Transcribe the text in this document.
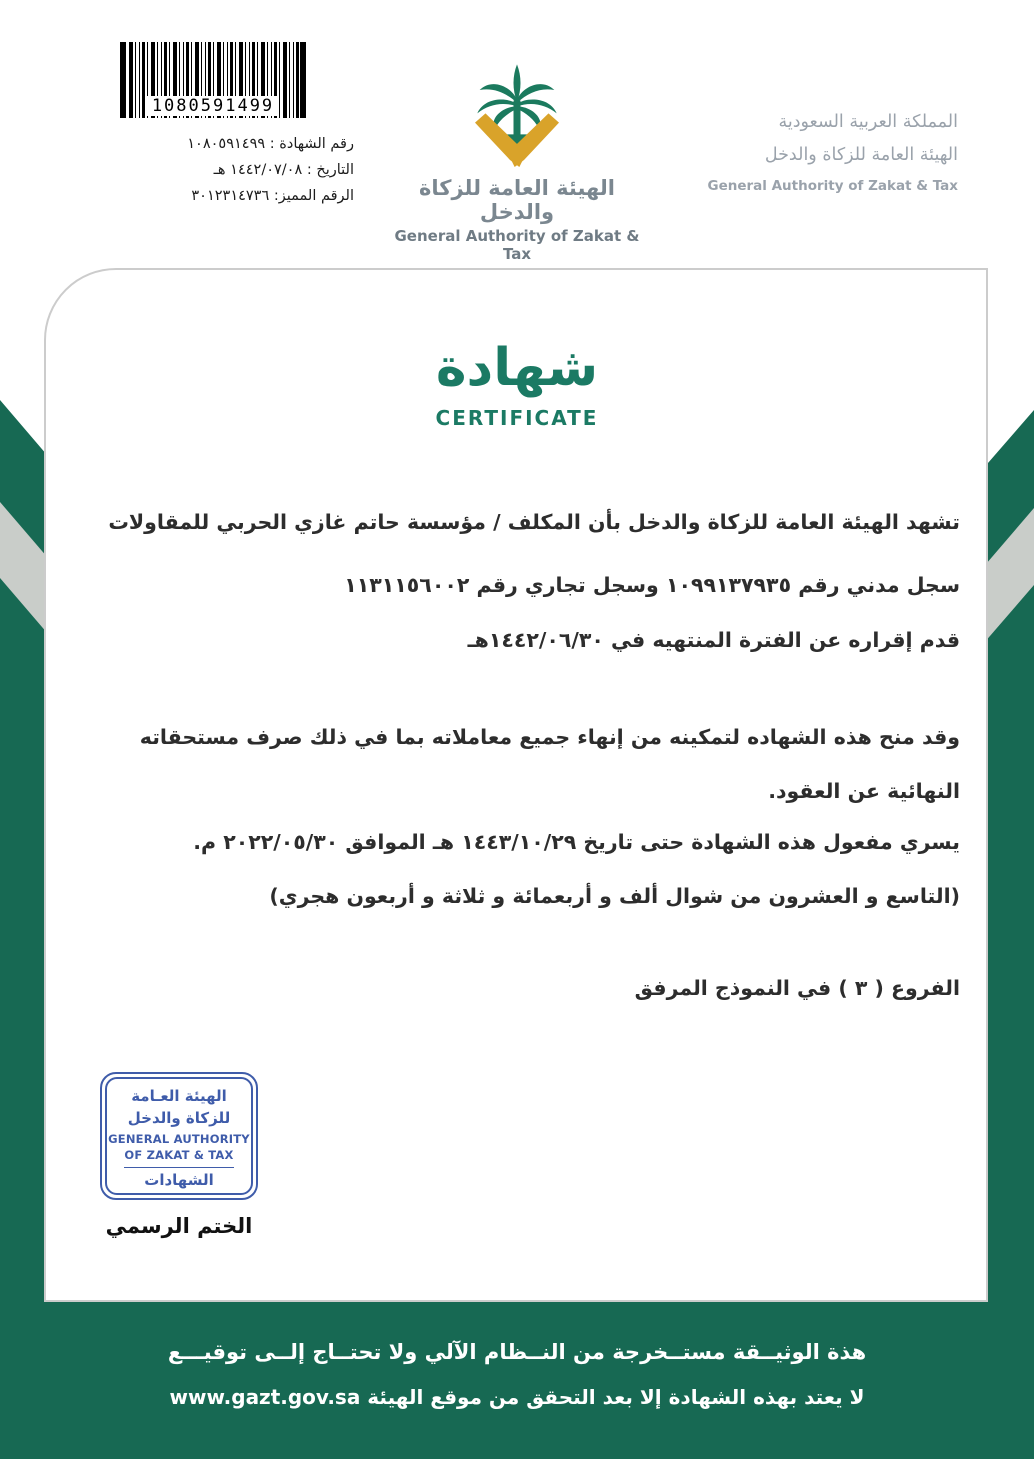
1080591499
رقم الشهادة : ١٠٨٠٥٩١٤٩٩
التاريخ : ١٤٤٢/٠٧/٠٨ هـ
الرقم المميز: ٣٠١٢٣١٤٧٣٦	الهيئة العامة للزكاة والدخل
General Authority of Zakat & Tax
المملكة العربية السعودية
الهيئة العامة للزكاة والدخل
General Authority of Zakat & Tax
شهادة
CERTIFICATE
تشهد الهيئة العامة للزكاة والدخل بأن المكلف / مؤسسة حاتم غازي الحربي للمقاولات
سجل مدني رقم ١٠٩٩١٣٧٩٣٥ وسجل تجاري رقم ١١٣١١٥٦٠٠٢
قدم إقراره عن الفترة المنتهيه في ١٤٤٢/٠٦/٣٠هـ
وقد منح هذه الشهاده لتمكينه من إنهاء جميع معاملاته بما في ذلك صرف مستحقاته
النهائية عن العقود.
يسري مفعول هذه الشهادة حتى تاريخ ١٤٤٣/١٠/٢٩ هـ الموافق ٢٠٢٢/٠٥/٣٠ م.
(التاسع و العشرون من شوال ألف و أربعمائة و ثلاثة و أربعون هجري)
الفروع ( ٣ ) في النموذج المرفق
الهيئة العـامة
للزكاة والدخل
GENERAL AUTHORITY
OF ZAKAT & TAX
الشهادات
الختم الرسمي
هذة الوثيــقة مستــخرجة من النــظام الآلي ولا تحتــاج إلــى توقيـــع
لا يعتد بهذه الشهادة إلا بعد التحقق من موقع الهيئة www.gazt.gov.sa
